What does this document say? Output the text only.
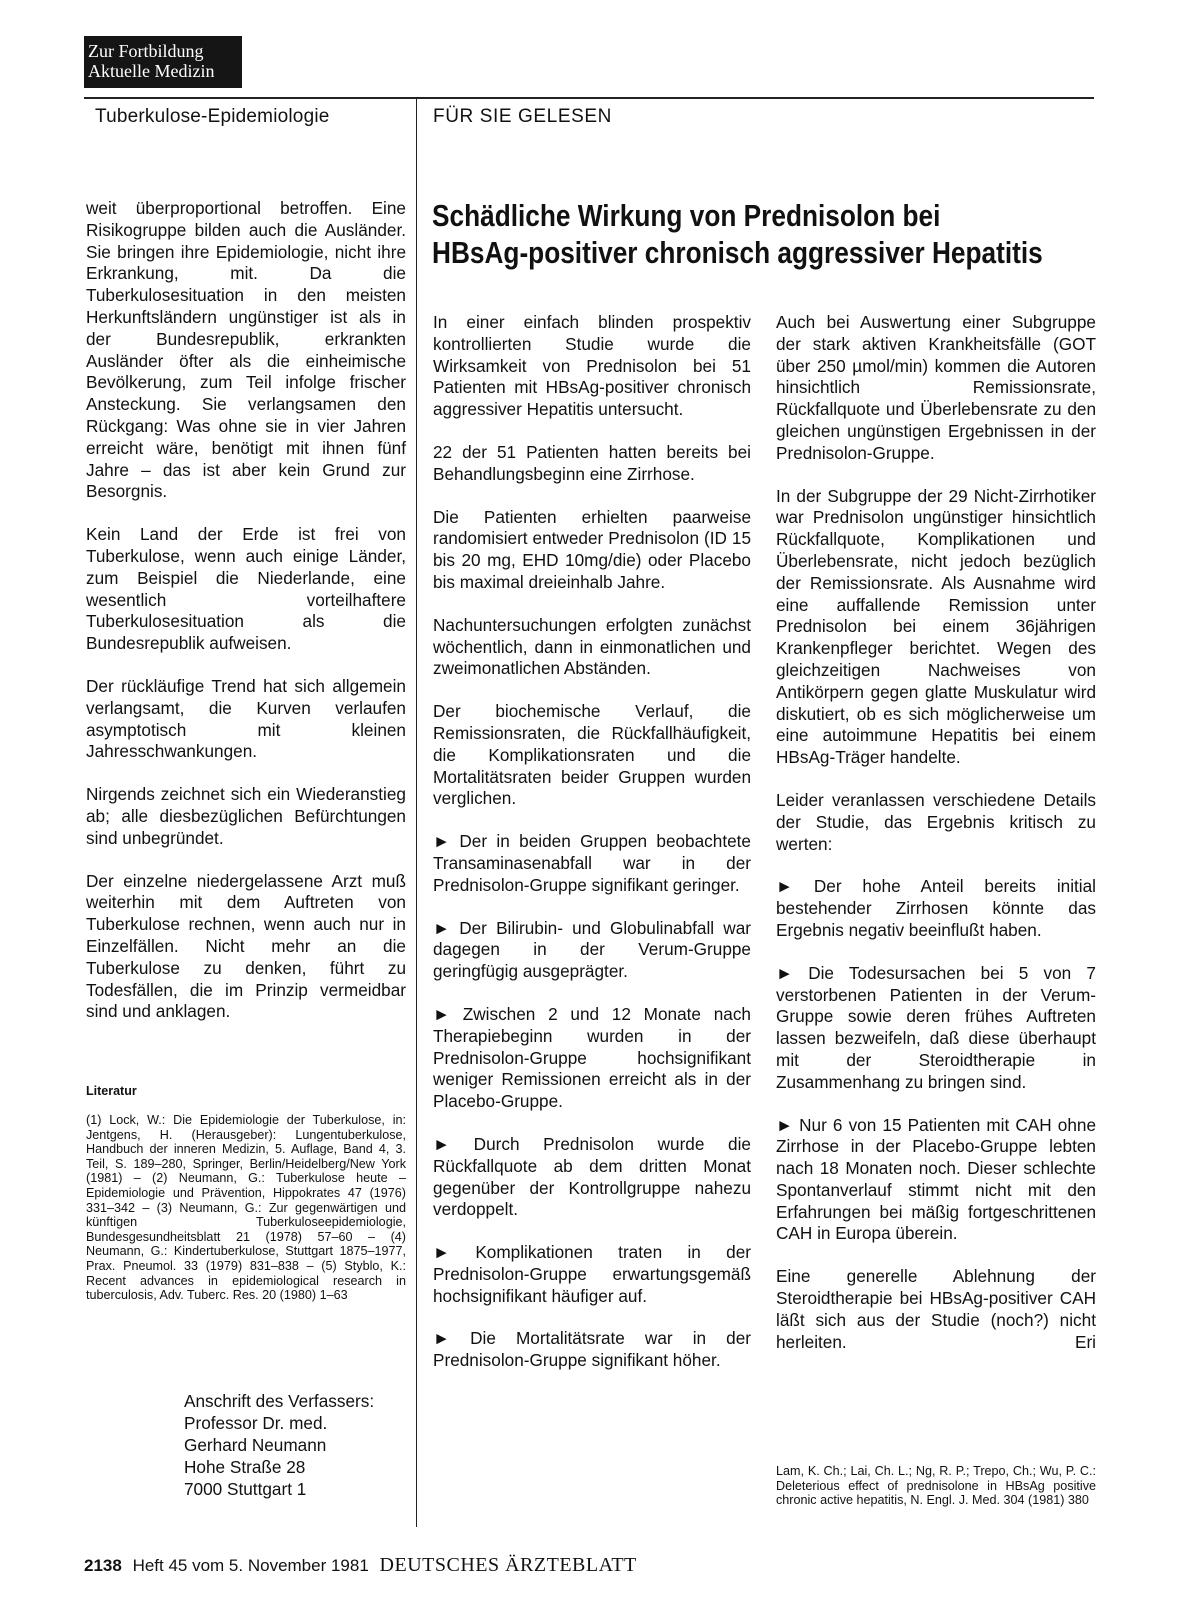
Zur Fortbildung
Aktuelle Medizin
Tuberkulose-Epidemiologie	FÜR SIE GELESEN

weit überproportional betroffen. Eine Risikogruppe bilden auch die Ausländer. Sie bringen ihre Epidemiologie, nicht ihre Erkrankung, mit. Da die Tuberkulosesituation in den meisten Herkunftsländern ungünstiger ist als in der Bundesrepublik, erkrankten Ausländer öfter als die einheimische Bevölkerung, zum Teil infolge frischer Ansteckung. Sie verlangsamen den Rückgang: Was ohne sie in vier Jahren erreicht wäre, benötigt mit ihnen fünf Jahre – das ist aber kein Grund zur Besorgnis.

Kein Land der Erde ist frei von Tuberkulose, wenn auch einige Länder, zum Beispiel die Niederlande, eine wesentlich vorteilhaftere Tuberkulosesituation als die Bundesrepublik aufweisen.

Der rückläufige Trend hat sich allgemein verlangsamt, die Kurven verlaufen asymptotisch mit kleinen Jahresschwankungen.

Nirgends zeichnet sich ein Wiederanstieg ab; alle diesbezüglichen Befürchtungen sind unbegründet.

Der einzelne niedergelassene Arzt muß weiterhin mit dem Auftreten von Tuberkulose rechnen, wenn auch nur in Einzelfällen. Nicht mehr an die Tuberkulose zu denken, führt zu Todesfällen, die im Prinzip vermeidbar sind und anklagen.

Literatur
(1) Lock, W.: Die Epidemiologie der Tuberkulose, in: Jentgens, H. (Herausgeber): Lungentuberkulose, Handbuch der inneren Medizin, 5. Auflage, Band 4, 3. Teil, S. 189–280, Springer, Berlin/Heidelberg/New York (1981) – (2) Neumann, G.: Tuberkulose heute – Epidemiologie und Prävention, Hippokrates 47 (1976) 331–342 – (3) Neumann, G.: Zur gegenwärtigen und künftigen Tuberkuloseepidemiologie, Bundesgesundheitsblatt 21 (1978) 57–60 – (4) Neumann, G.: Kindertuberkulose, Stuttgart 1875–1977, Prax. Pneumol. 33 (1979) 831–838 – (5) Styblo, K.: Recent advances in epidemiological research in tuberculosis, Adv. Tuberc. Res. 20 (1980) 1–63
Anschrift des Verfassers:
Professor Dr. med.
Gerhard Neumann
Hohe Straße 28
7000 Stuttgart 1
Schädliche Wirkung von Prednisolon bei
HBsAg-positiver chronisch aggressiver Hepatitis

In einer einfach blinden prospektiv kontrollierten Studie wurde die Wirksamkeit von Prednisolon bei 51 Patienten mit HBsAg-positiver chronisch aggressiver Hepatitis untersucht.

22 der 51 Patienten hatten bereits bei Behandlungsbeginn eine Zirrhose.

Die Patienten erhielten paarweise randomisiert entweder Prednisolon (ID 15 bis 20 mg, EHD 10mg/die) oder Placebo bis maximal dreieinhalb Jahre.

Nachuntersuchungen erfolgten zunächst wöchentlich, dann in einmonatlichen und zweimonatlichen Abständen.

Der biochemische Verlauf, die Remissionsraten, die Rückfallhäufigkeit, die Komplikationsraten und die Mortalitätsraten beider Gruppen wurden verglichen.

► Der in beiden Gruppen beobachtete Transaminasenabfall war in der Prednisolon-Gruppe signifikant geringer.

► Der Bilirubin- und Globulinabfall war dagegen in der Verum-Gruppe geringfügig ausgeprägter.

► Zwischen 2 und 12 Monate nach Therapiebeginn wurden in der Prednisolon-Gruppe hochsignifikant weniger Remissionen erreicht als in der Placebo-Gruppe.

► Durch Prednisolon wurde die Rückfallquote ab dem dritten Monat gegenüber der Kontrollgruppe nahezu verdoppelt.

► Komplikationen traten in der Prednisolon-Gruppe erwartungsgemäß hochsignifikant häufiger auf.

► Die Mortalitätsrate war in der Prednisolon-Gruppe signifikant höher.

Auch bei Auswertung einer Subgruppe der stark aktiven Krankheitsfälle (GOT über 250 µmol/min) kommen die Autoren hinsichtlich Remissionsrate, Rückfallquote und Überlebensrate zu den gleichen ungünstigen Ergebnissen in der Prednisolon-Gruppe.

In der Subgruppe der 29 Nicht-Zirrhotiker war Prednisolon ungünstiger hinsichtlich Rückfallquote, Komplikationen und Überlebensrate, nicht jedoch bezüglich der Remissionsrate. Als Ausnahme wird eine auffallende Remission unter Prednisolon bei einem 36jährigen Krankenpfleger berichtet. Wegen des gleichzeitigen Nachweises von Antikörpern gegen glatte Muskulatur wird diskutiert, ob es sich möglicherweise um eine autoimmune Hepatitis bei einem HBsAg-Träger handelte.

Leider veranlassen verschiedene Details der Studie, das Ergebnis kritisch zu werten:

► Der hohe Anteil bereits initial bestehender Zirrhosen könnte das Ergebnis negativ beeinflußt haben.

► Die Todesursachen bei 5 von 7 verstorbenen Patienten in der Verum-Gruppe sowie deren frühes Auftreten lassen bezweifeln, daß diese überhaupt mit der Steroidtherapie in Zusammenhang zu bringen sind.

► Nur 6 von 15 Patienten mit CAH ohne Zirrhose in der Placebo-Gruppe lebten nach 18 Monaten noch. Dieser schlechte Spontanverlauf stimmt nicht mit den Erfahrungen bei mäßig fortgeschrittenen CAH in Europa überein.

Eine generelle Ablehnung der Steroidtherapie bei HBsAg-positiver CAH läßt sich aus der Studie (noch?) nicht herleiten.	Eri

Lam, K. Ch.; Lai, Ch. L.; Ng, R. P.; Trepo, Ch.; Wu, P. C.: Deleterious effect of prednisolone in HBsAg positive chronic active hepatitis, N. Engl. J. Med. 304 (1981) 380
2138 Heft 45 vom 5. November 1981 DEUTSCHES ÄRZTEBLATT
